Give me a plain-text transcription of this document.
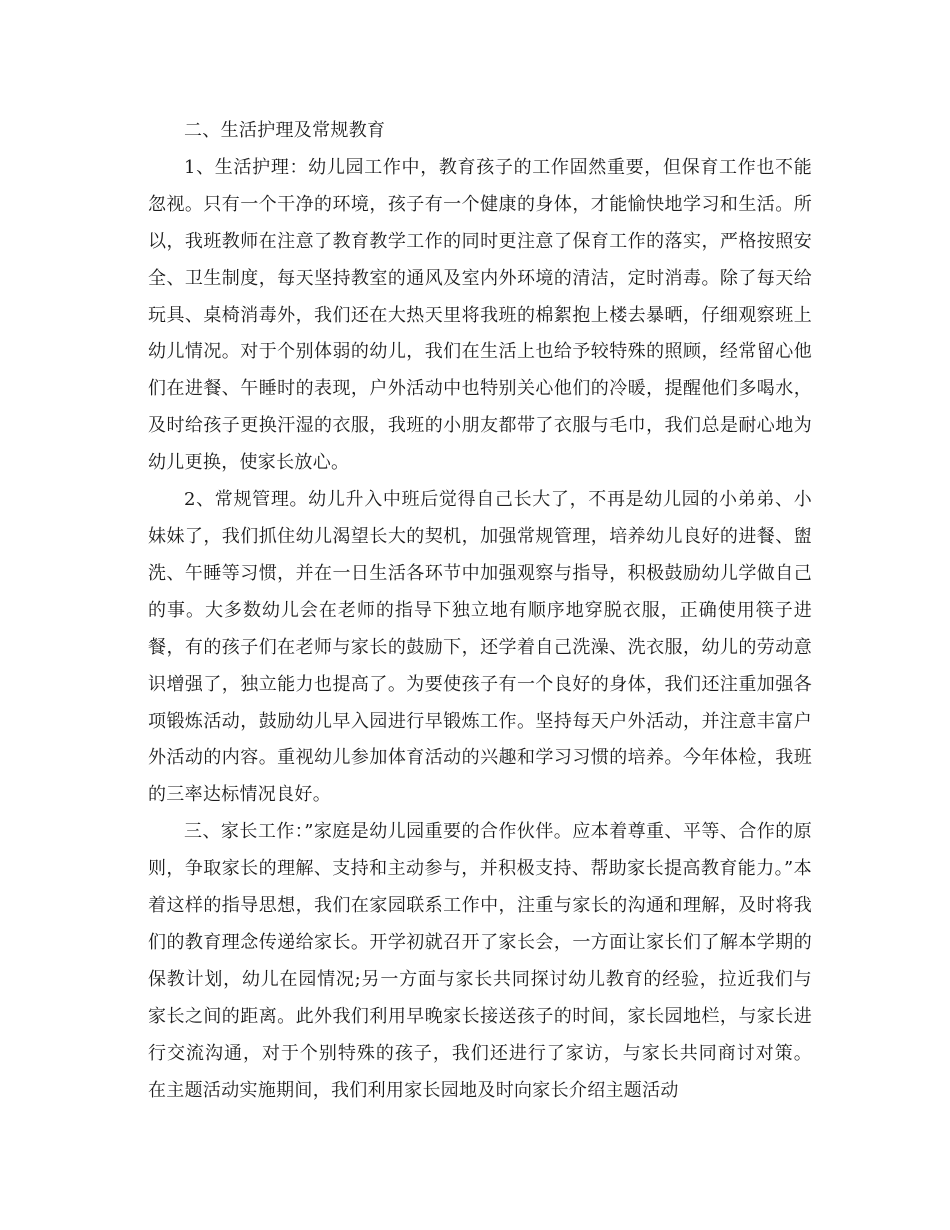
二、生活护理及常规教育

1、生活护理：幼儿园工作中，教育孩子的工作固然重要，但保育工作也不能忽视。只有一个干净的环境，孩子有一个健康的身体，才能愉快地学习和生活。所以，我班教师在注意了教育教学工作的同时更注意了保育工作的落实，严格按照安全、卫生制度，每天坚持教室的通风及室内外环境的清洁，定时消毒。除了每天给玩具、桌椅消毒外，我们还在大热天里将我班的棉絮抱上楼去暴晒，仔细观察班上幼儿情况。对于个别体弱的幼儿，我们在生活上也给予较特殊的照顾，经常留心他们在进餐、午睡时的表现，户外活动中也特别关心他们的冷暖，提醒他们多喝水，及时给孩子更换汗湿的衣服，我班的小朋友都带了衣服与毛巾，我们总是耐心地为幼儿更换，使家长放心。

2、常规管理。幼儿升入中班后觉得自己长大了，不再是幼儿园的小弟弟、小妹妹了，我们抓住幼儿渴望长大的契机，加强常规管理，培养幼儿良好的进餐、盥洗、午睡等习惯，并在一日生活各环节中加强观察与指导，积极鼓励幼儿学做自己的事。大多数幼儿会在老师的指导下独立地有顺序地穿脱衣服，正确使用筷子进餐，有的孩子们在老师与家长的鼓励下，还学着自己洗澡、洗衣服，幼儿的劳动意识增强了，独立能力也提高了。为要使孩子有一个良好的身体，我们还注重加强各项锻炼活动，鼓励幼儿早入园进行早锻炼工作。坚持每天户外活动，并注意丰富户外活动的内容。重视幼儿参加体育活动的兴趣和学习习惯的培养。今年体检，我班的三率达标情况良好。

三、家长工作：”家庭是幼儿园重要的合作伙伴。应本着尊重、平等、合作的原则，争取家长的理解、支持和主动参与，并积极支持、帮助家长提高教育能力。”本着这样的指导思想，我们在家园联系工作中，注重与家长的沟通和理解，及时将我们的教育理念传递给家长。开学初就召开了家长会，一方面让家长们了解本学期的保教计划，幼儿在园情况;另一方面与家长共同探讨幼儿教育的经验，拉近我们与家长之间的距离。此外我们利用早晚家长接送孩子的时间，家长园地栏，与家长进行交流沟通，对于个别特殊的孩子，我们还进行了家访，与家长共同商讨对策。 在主题活动实施期间，我们利用家长园地及时向家长介绍主题活动
